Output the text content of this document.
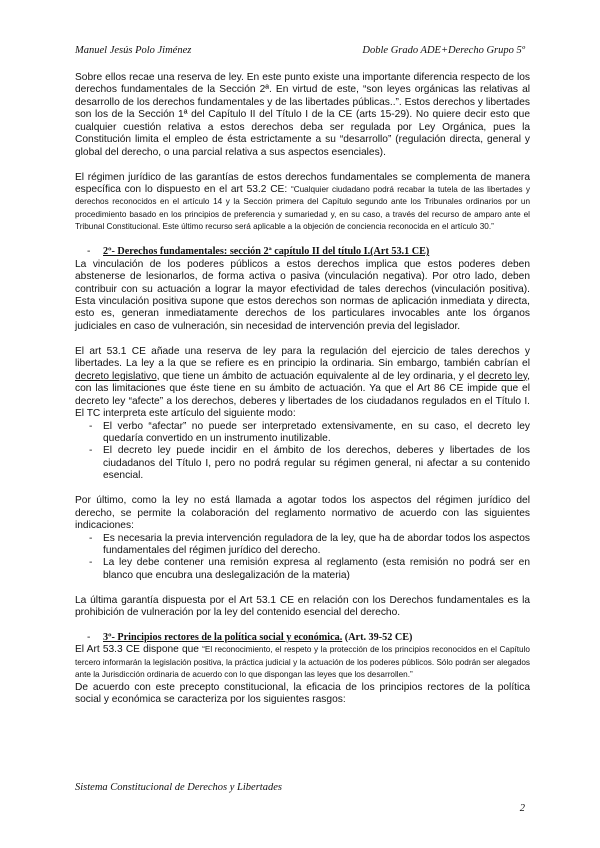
Manuel Jesús Polo Jiménez	Doble Grado ADE+Derecho Grupo 5º

Sobre ellos recae una reserva de ley. En este punto existe una importante diferencia respecto de los derechos fundamentales de la Sección 2ª. En virtud de este, “son leyes orgánicas las relativas al desarrollo de los derechos fundamentales y de las libertades públicas..”. Estos derechos y libertades son los de la Sección 1ª del Capítulo II del Título I de la CE (arts 15-29). No quiere decir esto que cualquier cuestión relativa a estos derechos deba ser regulada por Ley Orgánica, pues la Constitución limita el empleo de ésta estrictamente a su “desarrollo” (regulación directa, general y global del derecho, o una parcial relativa a sus aspectos esenciales).

El régimen jurídico de las garantías de estos derechos fundamentales se complementa de manera específica con lo dispuesto en el art 53.2 CE: “Cualquier ciudadano podrá recabar la tutela de las libertades y derechos reconocidos en el artículo 14 y la Sección primera del Capítulo segundo ante los Tribunales ordinarios por un procedimiento basado en los principios de preferencia y sumariedad y, en su caso, a través del recurso de amparo ante el Tribunal Constitucional. Este último recurso será aplicable a la objeción de conciencia reconocida en el artículo 30.”

- 2º- Derechos fundamentales: sección 2ª capítulo II del título I.(Art 53.1 CE)

La vinculación de los poderes públicos a estos derechos implica que estos poderes deben abstenerse de lesionarlos, de forma activa o pasiva (vinculación negativa). Por otro lado, deben contribuir con su actuación a lograr la mayor efectividad de tales derechos (vinculación positiva). Esta vinculación positiva supone que estos derechos son normas de aplicación inmediata y directa, esto es, generan inmediatamente derechos de los particulares invocables ante los órganos judiciales en caso de vulneración, sin necesidad de intervención previa del legislador.

El art 53.1 CE añade una reserva de ley para la regulación del ejercicio de tales derechos y libertades. La ley a la que se refiere es en principio la ordinaria. Sin embargo, también cabrían el decreto legislativo, que tiene un ámbito de actuación equivalente al de ley ordinaria, y el decreto ley, con las limitaciones que éste tiene en su ámbito de actuación. Ya que el Art 86 CE impide que el decreto ley “afecte” a los derechos, deberes y libertades de los ciudadanos regulados en el Título I. El TC interpreta este artículo del siguiente modo:

- El verbo “afectar” no puede ser interpretado extensivamente, en su caso, el decreto ley quedaría convertido en un instrumento inutilizable.
- El decreto ley puede incidir en el ámbito de los derechos, deberes y libertades de los ciudadanos del Título I, pero no podrá regular su régimen general, ni afectar a su contenido esencial.

Por último, como la ley no está llamada a agotar todos los aspectos del régimen jurídico del derecho, se permite la colaboración del reglamento normativo de acuerdo con las siguientes indicaciones:

- Es necesaria la previa intervención reguladora de la ley, que ha de abordar todos los aspectos fundamentales del régimen jurídico del derecho.
- La ley debe contener una remisión expresa al reglamento (esta remisión no podrá ser en blanco que encubra una deslegalización de la materia)

La última garantía dispuesta por el Art 53.1 CE en relación con los Derechos fundamentales es la prohibición de vulneración por la ley del contenido esencial del derecho.

- 3º- Principios rectores de la política social y económica. (Art. 39-52 CE)

El Art 53.3 CE dispone que “El reconocimiento, el respeto y la protección de los principios reconocidos en el Capítulo tercero informarán la legislación positiva, la práctica judicial y la actuación de los poderes públicos. Sólo podrán ser alegados ante la Jurisdicción ordinaria de acuerdo con lo que dispongan las leyes que los desarrollen.”

De acuerdo con este precepto constitucional, la eficacia de los principios rectores de la política social y económica se caracteriza por los siguientes rasgos:

Sistema Constitucional de Derechos y Libertades
2
